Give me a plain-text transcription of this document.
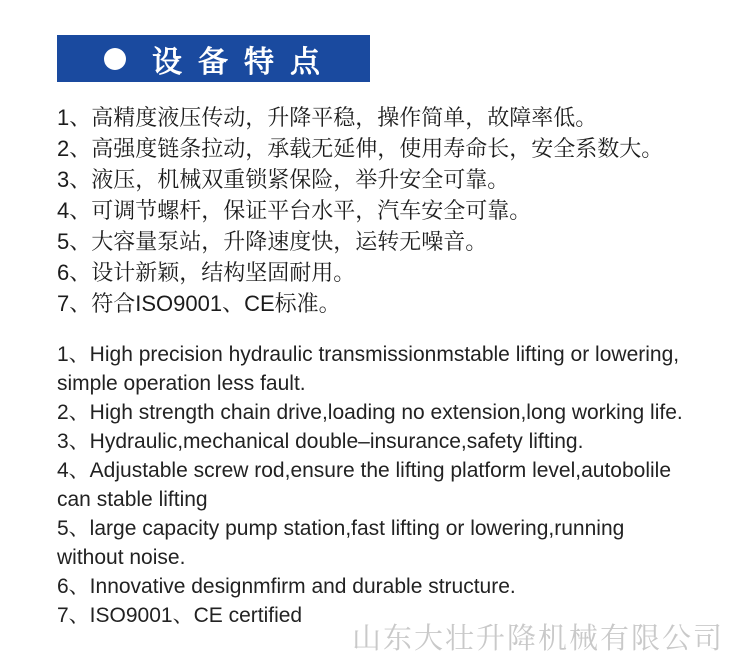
设备特点
1、高精度液压传动，升降平稳，操作简单，故障率低。
2、高强度链条拉动，承载无延伸，使用寿命长，安全系数大。
3、液压，机械双重锁紧保险，举升安全可靠。
4、可调节螺杆，保证平台水平，汽车安全可靠。
5、大容量泵站，升降速度快，运转无噪音。
6、设计新颖，结构坚固耐用。
7、符合ISO9001、CE标准。
1、High precision hydraulic transmissionmstable lifting or lowering,
simple operation less fault.
2、High strength chain drive,loading no extension,long working life.
3、Hydraulic,mechanical double–insurance,safety lifting.
4、Adjustable screw rod,ensure the lifting platform level,autobolile
can stable lifting
5、large capacity pump station,fast lifting or lowering,running
without noise.
6、Innovative designmfirm and durable structure.
7、ISO9001、CE certified
山东大壮升降机械有限公司
